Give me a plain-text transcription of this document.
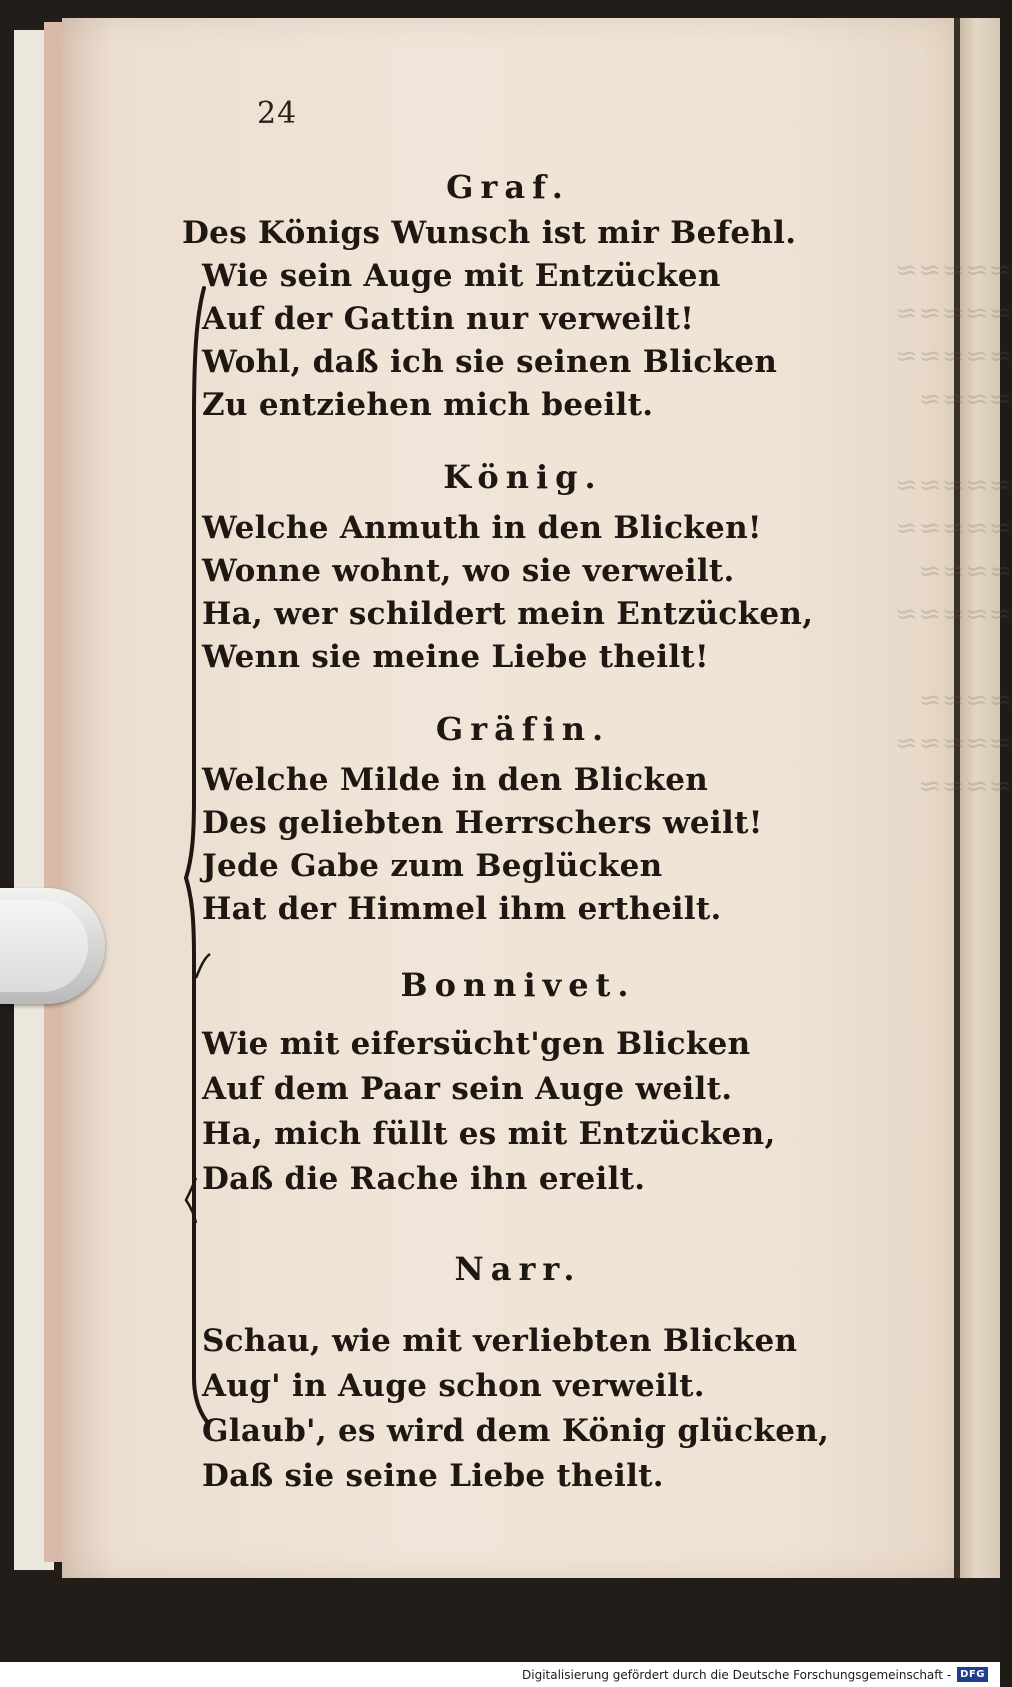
≈≈≈≈≈
≈≈≈≈≈
≈≈≈≈≈
≈≈≈≈

≈≈≈≈≈
≈≈≈≈≈
≈≈≈≈
≈≈≈≈≈

≈≈≈≈
≈≈≈≈≈
≈≈≈≈

24

Graf.

Des Königs Wunsch ist mir Befehl.

Wie sein Auge mit Entzücken

Auf der Gattin nur verweilt!

Wohl, daß ich sie seinen Blicken

Zu entziehen mich beeilt.

König.

Welche Anmuth in den Blicken!

Wonne wohnt, wo sie verweilt.

Ha, wer schildert mein Entzücken,

Wenn sie meine Liebe theilt!

Gräfin.

Welche Milde in den Blicken

Des geliebten Herrschers weilt!

Jede Gabe zum Beglücken

Hat der Himmel ihm ertheilt.

Bonnivet.

Wie mit eifersücht'gen Blicken

Auf dem Paar sein Auge weilt.

Ha, mich füllt es mit Entzücken,

Daß die Rache ihn ereilt.

Narr.

Schau, wie mit verliebten Blicken

Aug' in Auge schon verweilt.

Glaub', es wird dem König glücken,

Daß sie seine Liebe theilt.

Digitalisierung gefördert durch die Deutsche Forschungsgemeinschaft - DFG
